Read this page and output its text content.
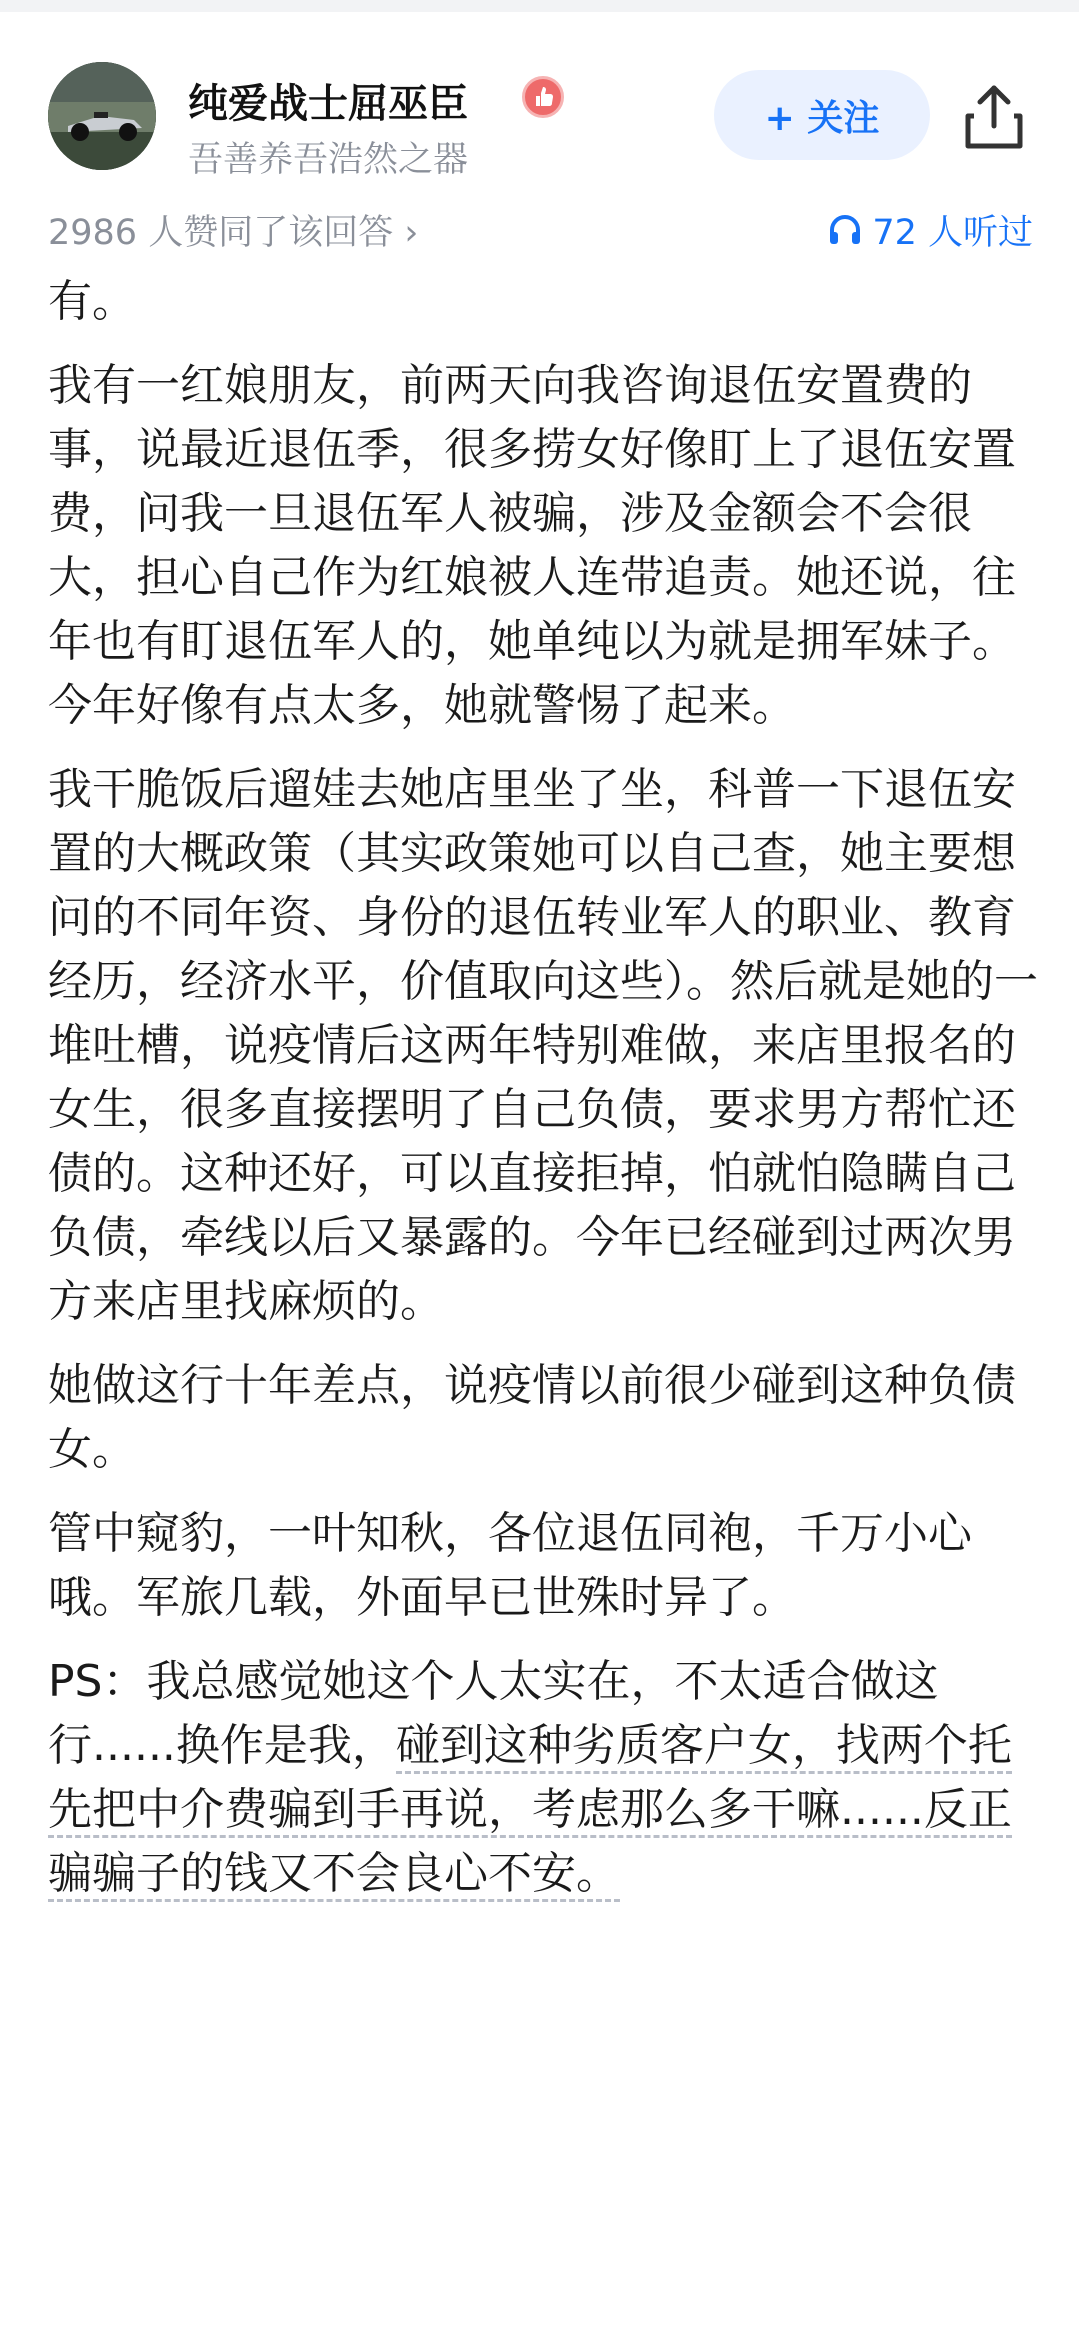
纯爱战士屈巫臣
吾善养吾浩然之器
+ 关注
2986 人赞同了该回答 ›	72 人听过

有。

我有一红娘朋友，前两天向我咨询退伍安置费的事，说最近退伍季，很多捞女好像盯上了退伍安置费，问我一旦退伍军人被骗，涉及金额会不会很大，担心自己作为红娘被人连带追责。她还说，往年也有盯退伍军人的，她单纯以为就是拥军妹子。今年好像有点太多，她就警惕了起来。

我干脆饭后遛娃去她店里坐了坐，科普一下退伍安置的大概政策（其实政策她可以自己查，她主要想问的不同年资、身份的退伍转业军人的职业、教育经历，经济水平，价值取向这些）。然后就是她的一堆吐槽，说疫情后这两年特别难做，来店里报名的女生，很多直接摆明了自己负债，要求男方帮忙还债的。这种还好，可以直接拒掉，怕就怕隐瞒自己负债，牵线以后又暴露的。今年已经碰到过两次男方来店里找麻烦的。

她做这行十年差点，说疫情以前很少碰到这种负债女。

管中窥豹，一叶知秋，各位退伍同袍，千万小心哦。军旅几载，外面早已世殊时异了。

PS：我总感觉她这个人太实在，不太适合做这行......换作是我，碰到这种劣质客户女，找两个托先把中介费骗到手再说，考虑那么多干嘛......反正骗骗子的钱又不会良心不安。
